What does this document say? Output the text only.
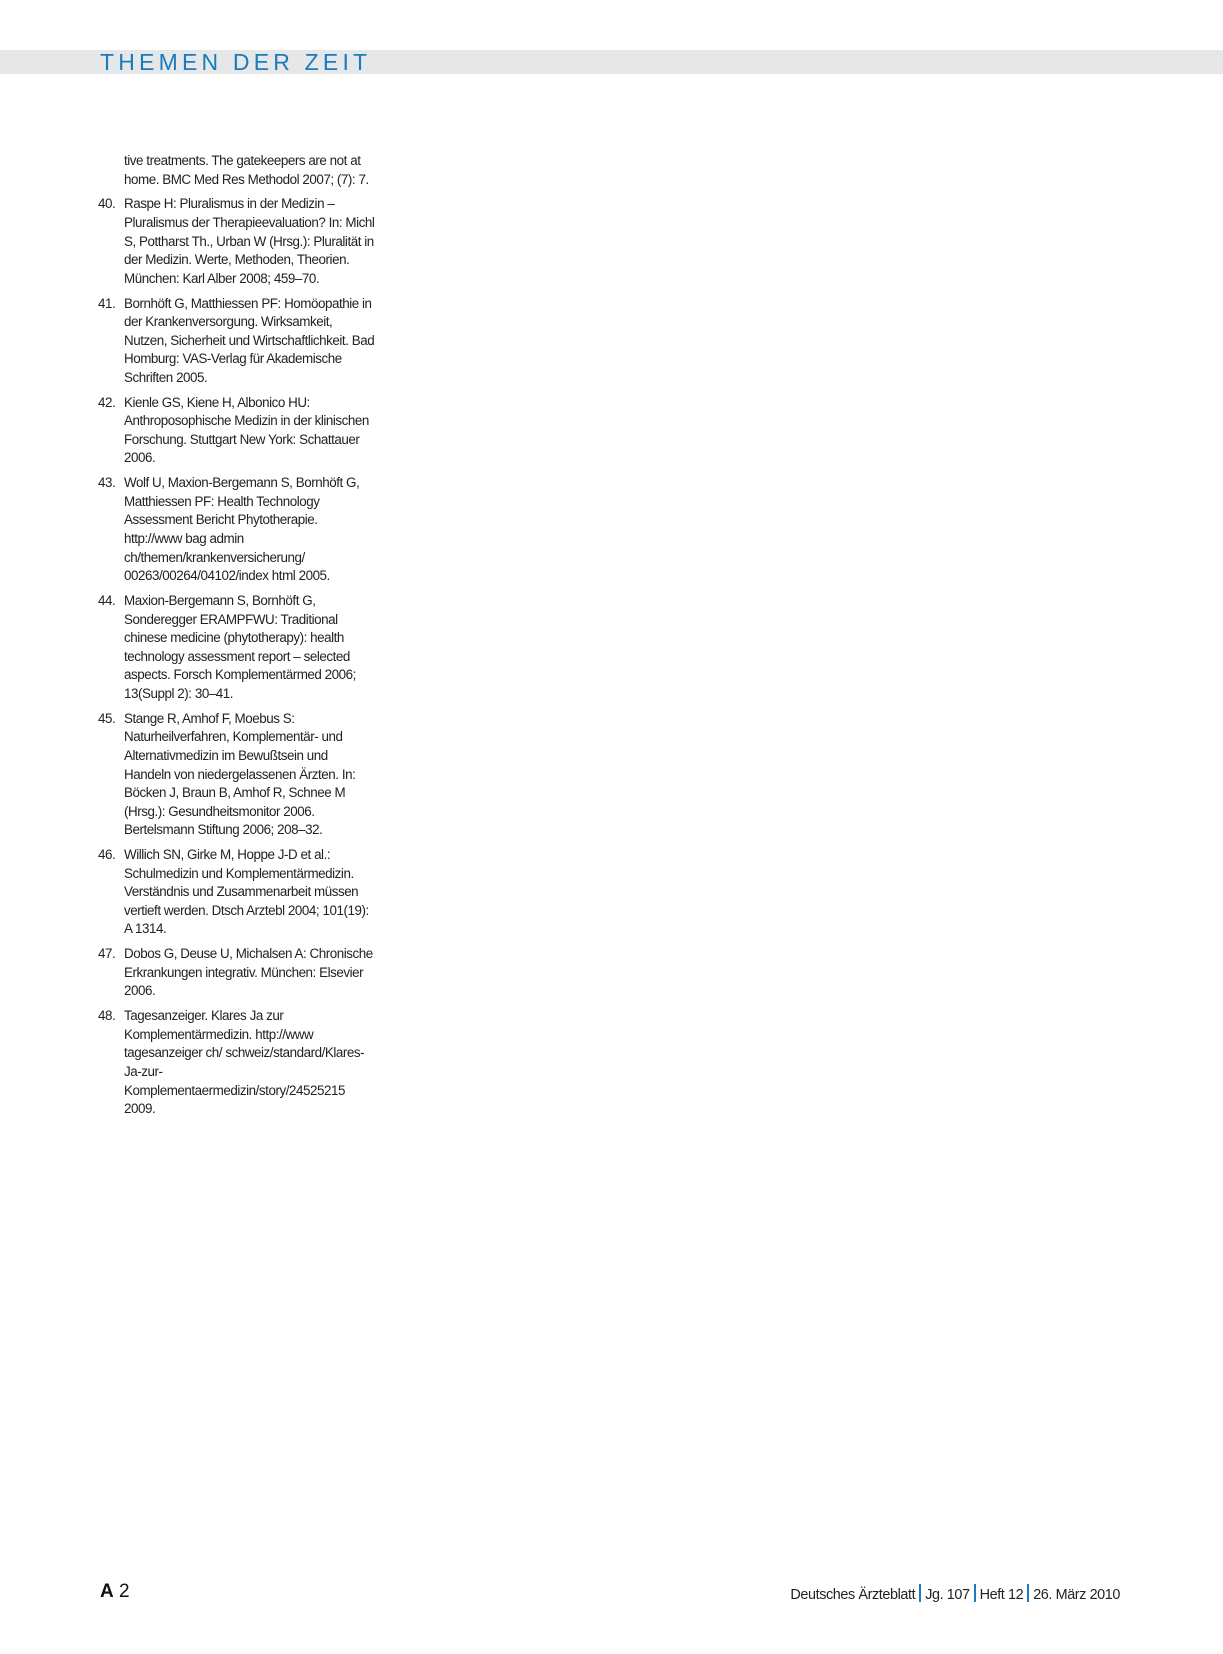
THEMEN DER ZEIT
tive treatments. The gatekeepers are not at home. BMC Med Res Methodol 2007; (7): 7.
40. Raspe H: Pluralismus in der Medizin – Pluralismus der Therapieevaluation? In: Michl S, Pottharst Th., Urban W (Hrsg.): Pluralität in der Medizin. Werte, Methoden, Theorien. München: Karl Alber 2008; 459–70.
41. Bornhöft G, Matthiessen PF: Homöopathie in der Krankenversorgung. Wirksamkeit, Nutzen, Sicherheit und Wirtschaftlichkeit. Bad Homburg: VAS-Verlag für Akademische Schriften 2005.
42. Kienle GS, Kiene H, Albonico HU: Anthroposophische Medizin in der klinischen Forschung. Stuttgart New York: Schattauer 2006.
43. Wolf U, Maxion-Bergemann S, Bornhöft G, Matthiessen PF: Health Technology Assessment Bericht Phytotherapie. http://www bag admin ch/themen/krankenversicherung/ 00263/00264/04102/index html 2005.
44. Maxion-Bergemann S, Bornhöft G, Sonderegger ERAMPFWU: Traditional chinese medicine (phytotherapy): health technology assessment report – selected aspects. Forsch Komplementärmed 2006; 13(Suppl 2): 30–41.
45. Stange R, Amhof F, Moebus S: Naturheilverfahren, Komplementär- und Alternativmedizin im Bewußtsein und Handeln von niedergelassenen Ärzten. In: Böcken J, Braun B, Amhof R, Schnee M (Hrsg.): Gesundheitsmonitor 2006. Bertelsmann Stiftung 2006; 208–32.
46. Willich SN, Girke M, Hoppe J-D et al.: Schulmedizin und Komplementärmedizin. Verständnis und Zusammenarbeit müssen vertieft werden. Dtsch Arztebl 2004; 101(19): A 1314.
47. Dobos G, Deuse U, Michalsen A: Chronische Erkrankungen integrativ. München: Elsevier 2006.
48. Tagesanzeiger. Klares Ja zur Komplementärmedizin. http://www tagesanzeiger ch/ schweiz/standard/Klares-Ja-zur-Komplementaermedizin/story/24525215 2009.
A 2	Deutsches Ärzteblatt Jg. 107 Heft 12 26. März 2010
